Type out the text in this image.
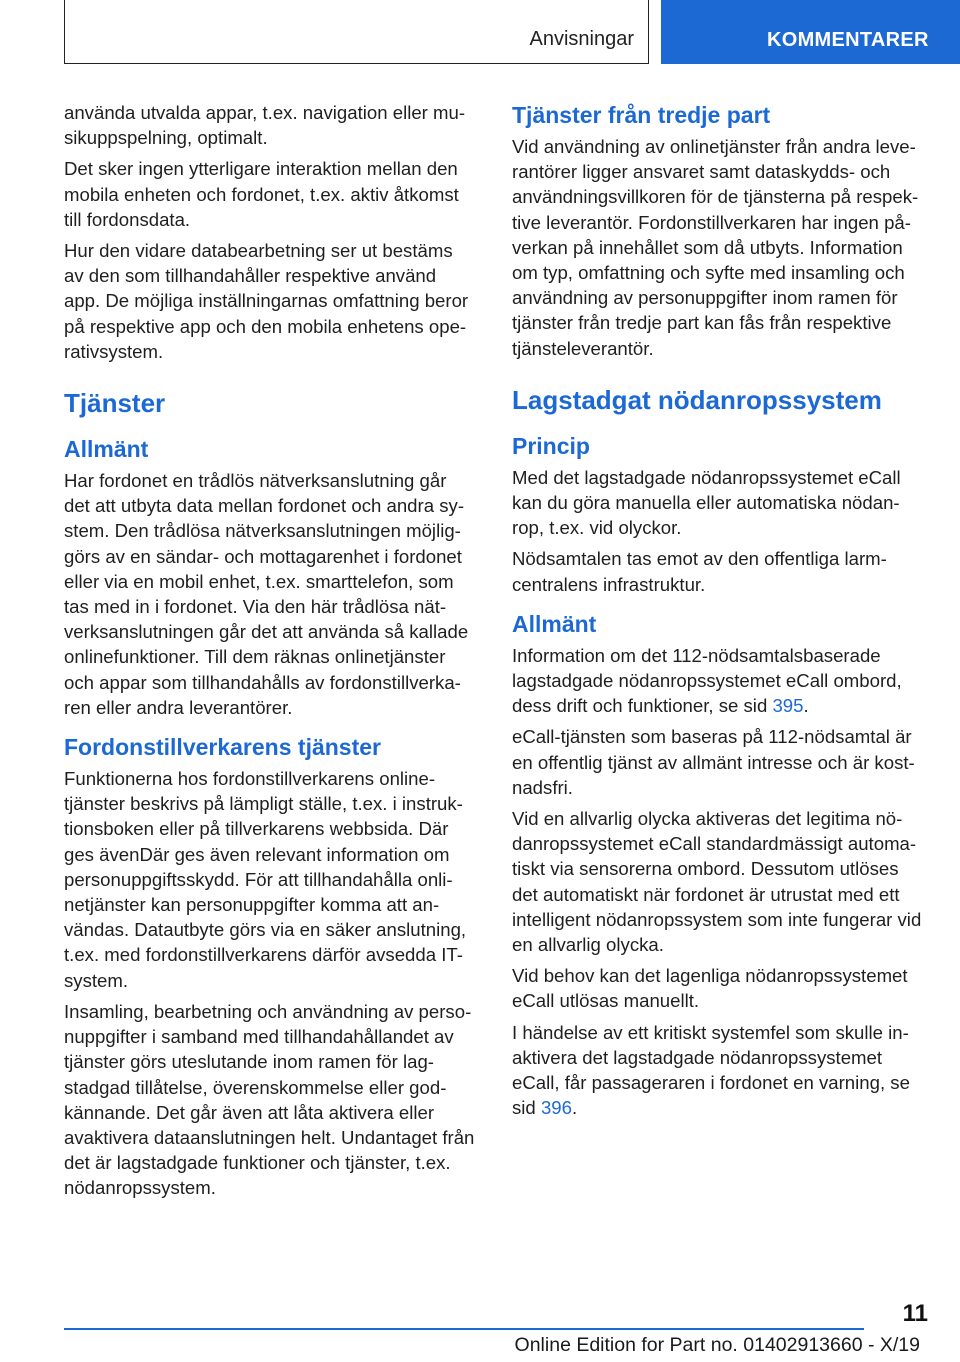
Anvisningar	KOMMENTARER

använda utvalda appar, t.ex. navigation eller mu-sikuppspelning, optimalt.

Det sker ingen ytterligare interaktion mellan den mobila enheten och fordonet, t.ex. aktiv åtkomst till fordonsdata.

Hur den vidare databearbetning ser ut bestäms av den som tillhandahåller respektive använd app. De möjliga inställningarnas omfattning beror på respektive app och den mobila enhetens ope-rativsystem.

Tjänster
Allmänt

Har fordonet en trådlös nätverksanslutning går det att utbyta data mellan fordonet och andra sy-stem. Den trådlösa nätverksanslutningen möjlig-görs av en sändar- och mottagarenhet i fordonet eller via en mobil enhet, t.ex. smarttelefon, som tas med in i fordonet. Via den här trådlösa nät-verksanslutningen går det att använda så kallade onlinefunktioner. Till dem räknas onlinetjänster och appar som tillhandahålls av fordonstillverka-ren eller andra leverantörer.

Fordonstillverkarens tjänster

Funktionerna hos fordonstillverkarens online-tjänster beskrivs på lämpligt ställe, t.ex. i instruk-tionsboken eller på tillverkarens webbsida. Där ges ävenDär ges även relevant information om personuppgiftsskydd. För att tillhandahålla onli-netjänster kan personuppgifter komma att an-vändas. Datautbyte görs via en säker anslutning, t.ex. med fordonstillverkarens därför avsedda IT-system.

Insamling, bearbetning och användning av perso-nuppgifter i samband med tillhandahållandet av tjänster görs uteslutande inom ramen för lag-stadgad tillåtelse, överenskommelse eller god-kännande. Det går även att låta aktivera eller avaktivera dataanslutningen helt. Undantaget från det är lagstadgade funktioner och tjänster, t.ex. nödanropssystem.

Tjänster från tredje part

Vid användning av onlinetjänster från andra leve-rantörer ligger ansvaret samt dataskydds- och användningsvillkoren för de tjänsterna på respek-tive leverantör. Fordonstillverkaren har ingen på-verkan på innehållet som då utbyts. Information om typ, omfattning och syfte med insamling och användning av personuppgifter inom ramen för tjänster från tredje part kan fås från respektive tjänsteleverantör.

Lagstadgat nödanropssystem
Princip

Med det lagstadgade nödanropssystemet eCall kan du göra manuella eller automatiska nödan-rop, t.ex. vid olyckor.

Nödsamtalen tas emot av den offentliga larm-centralens infrastruktur.

Allmänt

Information om det 112-nödsamtalsbaserade lagstadgade nödanropssystemet eCall ombord, dess drift och funktioner, se sid 395.

eCall-tjänsten som baseras på 112-nödsamtal är en offentlig tjänst av allmänt intresse och är kost-nadsfri.

Vid en allvarlig olycka aktiveras det legitima nö-danropssystemet eCall standardmässigt automa-tiskt via sensorerna ombord. Dessutom utlöses det automatiskt när fordonet är utrustat med ett intelligent nödanropssystem som inte fungerar vid en allvarlig olycka.

Vid behov kan det lagenliga nödanropssystemet eCall utlösas manuellt.

I händelse av ett kritiskt systemfel som skulle in-aktivera det lagstadgade nödanropssystemet eCall, får passageraren i fordonet en varning, se sid 396.

11
Online Edition for Part no. 01402913660 - X/19
